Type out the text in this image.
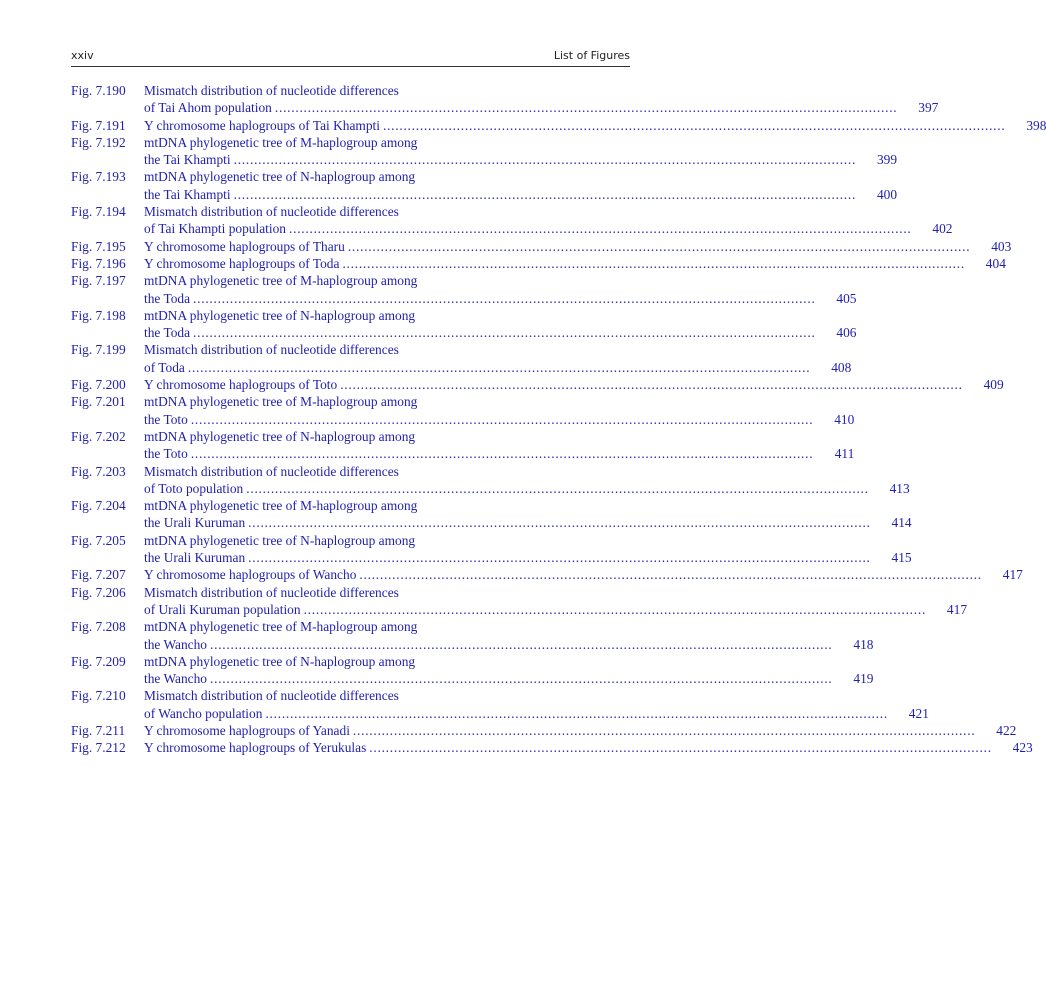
xxiv	List of Figures
Fig. 7.190	Mismatch distribution of nucleotide differences
of Tai Ahom population . . .	397
Fig. 7.191	Y chromosome haplogroups of Tai Khampti . . .	398
Fig. 7.192	mtDNA phylogenetic tree of M-haplogroup among
the Tai Khampti . . .	399
Fig. 7.193	mtDNA phylogenetic tree of N-haplogroup among
the Tai Khampti . . .	400
Fig. 7.194	Mismatch distribution of nucleotide differences
of Tai Khampti population . . .	402
Fig. 7.195	Y chromosome haplogroups of Tharu . . .	403
Fig. 7.196	Y chromosome haplogroups of Toda . . .	404
Fig. 7.197	mtDNA phylogenetic tree of M-haplogroup among
the Toda . . .	405
Fig. 7.198	mtDNA phylogenetic tree of N-haplogroup among
the Toda . . .	406
Fig. 7.199	Mismatch distribution of nucleotide differences
of Toda . . .	408
Fig. 7.200	Y chromosome haplogroups of Toto . . .	409
Fig. 7.201	mtDNA phylogenetic tree of M-haplogroup among
the Toto . . .	410
Fig. 7.202	mtDNA phylogenetic tree of N-haplogroup among
the Toto . . .	411
Fig. 7.203	Mismatch distribution of nucleotide differences
of Toto population . . .	413
Fig. 7.204	mtDNA phylogenetic tree of M-haplogroup among
the Urali Kuruman . . .	414
Fig. 7.205	mtDNA phylogenetic tree of N-haplogroup among
the Urali Kuruman . . .	415
Fig. 7.207	Y chromosome haplogroups of Wancho . . .	417
Fig. 7.206	Mismatch distribution of nucleotide differences
of Urali Kuruman population . . .	417
Fig. 7.208	mtDNA phylogenetic tree of M-haplogroup among
the Wancho . . .	418
Fig. 7.209	mtDNA phylogenetic tree of N-haplogroup among
the Wancho . . .	419
Fig. 7.210	Mismatch distribution of nucleotide differences
of Wancho population . . .	421
Fig. 7.211	Y chromosome haplogroups of Yanadi . . .	422
Fig. 7.212	Y chromosome haplogroups of Yerukulas . . .	423
